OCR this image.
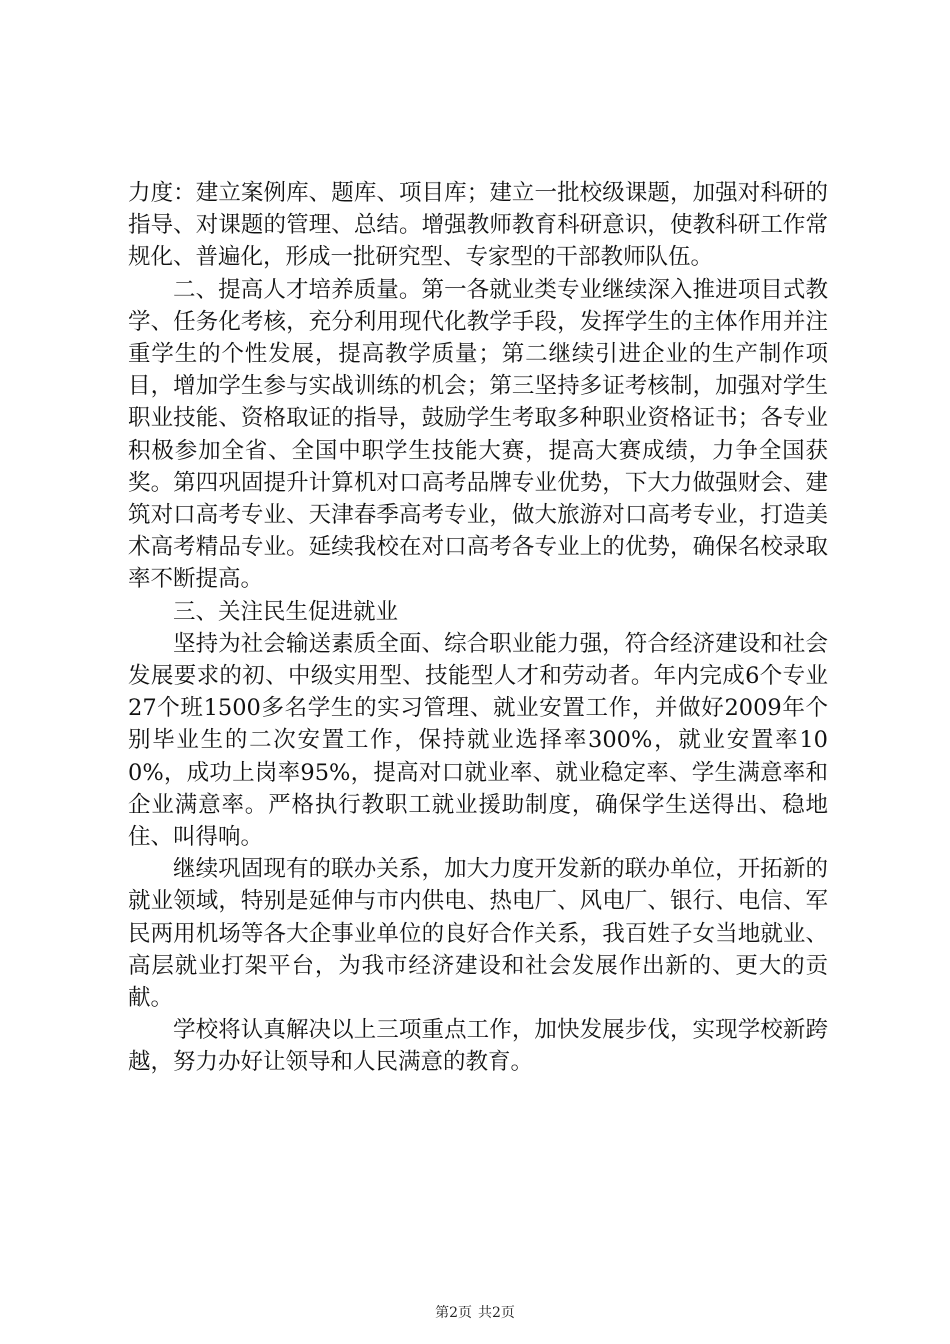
力度：建立案例库、题库、项目库；建立一批校级课题，加强对科研的指导、对课题的管理、总结。增强教师教育科研意识，使教科研工作常规化、普遍化，形成一批研究型、专家型的干部教师队伍。

二、提高人才培养质量。第一各就业类专业继续深入推进项目式教学、任务化考核，充分利用现代化教学手段，发挥学生的主体作用并注重学生的个性发展，提高教学质量；第二继续引进企业的生产制作项目，增加学生参与实战训练的机会；第三坚持多证考核制，加强对学生职业技能、资格取证的指导，鼓励学生考取多种职业资格证书；各专业积极参加全省、全国中职学生技能大赛，提高大赛成绩，力争全国获奖。第四巩固提升计算机对口高考品牌专业优势，下大力做强财会、建筑对口高考专业、天津春季高考专业，做大旅游对口高考专业，打造美术高考精品专业。延续我校在对口高考各专业上的优势，确保名校录取率不断提高。

三、关注民生促进就业

坚持为社会输送素质全面、综合职业能力强，符合经济建设和社会发展要求的初、中级实用型、技能型人才和劳动者。年内完成6个专业27个班1500多名学生的实习管理、就业安置工作，并做好2009年个别毕业生的二次安置工作，保持就业选择率300%，就业安置率100%，成功上岗率95%，提高对口就业率、就业稳定率、学生满意率和企业满意率。严格执行教职工就业援助制度，确保学生送得出、稳地住、叫得响。

继续巩固现有的联办关系，加大力度开发新的联办单位，开拓新的就业领域，特别是延伸与市内供电、热电厂、风电厂、银行、电信、军民两用机场等各大企事业单位的良好合作关系，我百姓子女当地就业、高层就业打架平台，为我市经济建设和社会发展作出新的、更大的贡献。

学校将认真解决以上三项重点工作，加快发展步伐，实现学校新跨越，努力办好让领导和人民满意的教育。

第2页 共2页
